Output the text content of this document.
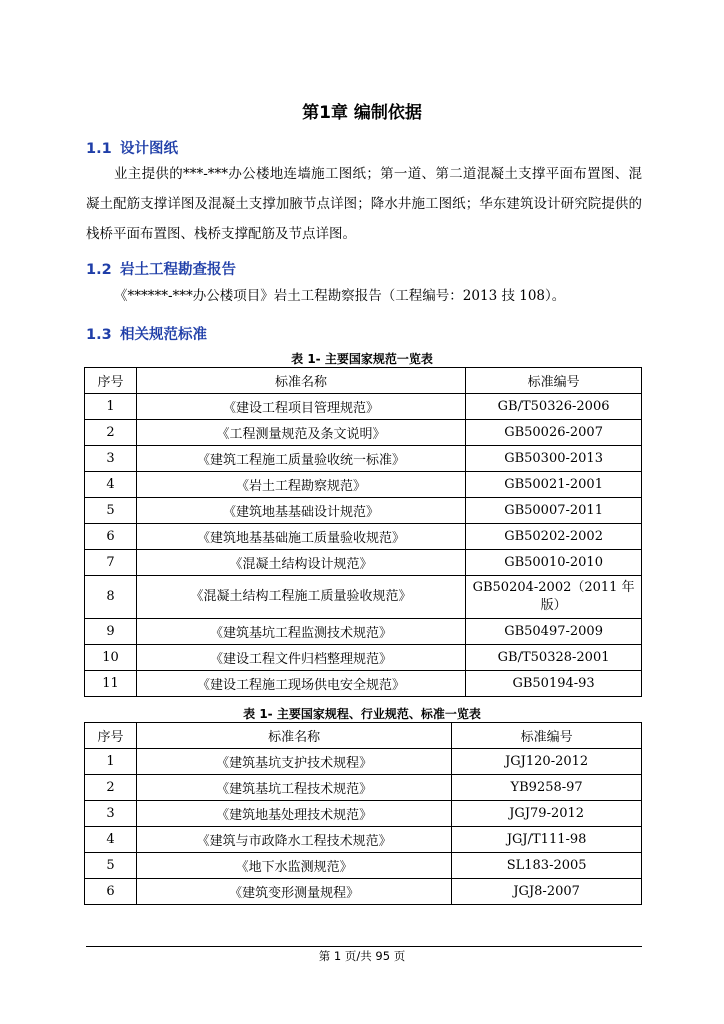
第1章 编制依据
1.1 设计图纸
业主提供的***-***办公楼地连墙施工图纸；第一道、第二道混凝土支撑平面布置图、混凝土配筋支撑详图及混凝土支撑加腋节点详图；降水井施工图纸；华东建筑设计研究院提供的栈桥平面布置图、栈桥支撑配筋及节点详图。
1.2 岩土工程勘查报告
《******-***办公楼项目》岩土工程勘察报告（工程编号：2013 技 108）。
1.3 相关规范标准
表 1- 主要国家规范一览表
序号	标准名称	标准编号
1	《建设工程项目管理规范》	GB/T50326-2006
2	《工程测量规范及条文说明》	GB50026-2007
3	《建筑工程施工质量验收统一标准》	GB50300-2013
4	《岩土工程勘察规范》	GB50021-2001
5	《建筑地基基础设计规范》	GB50007-2011
6	《建筑地基基础施工质量验收规范》	GB50202-2002
7	《混凝土结构设计规范》	GB50010-2010
8	《混凝土结构工程施工质量验收规范》	GB50204-2002（2011 年版）
9	《建筑基坑工程监测技术规范》	GB50497-2009
10	《建设工程文件归档整理规范》	GB/T50328-2001
11	《建设工程施工现场供电安全规范》	GB50194-93
表 1- 主要国家规程、行业规范、标准一览表
序号	标准名称	标准编号
1	《建筑基坑支护技术规程》	JGJ120-2012
2	《建筑基坑工程技术规范》	YB9258-97
3	《建筑地基处理技术规范》	JGJ79-2012
4	《建筑与市政降水工程技术规范》	JGJ/T111-98
5	《地下水监测规范》	SL183-2005
6	《建筑变形测量规程》	JGJ8-2007
第 1 页/共 95 页
